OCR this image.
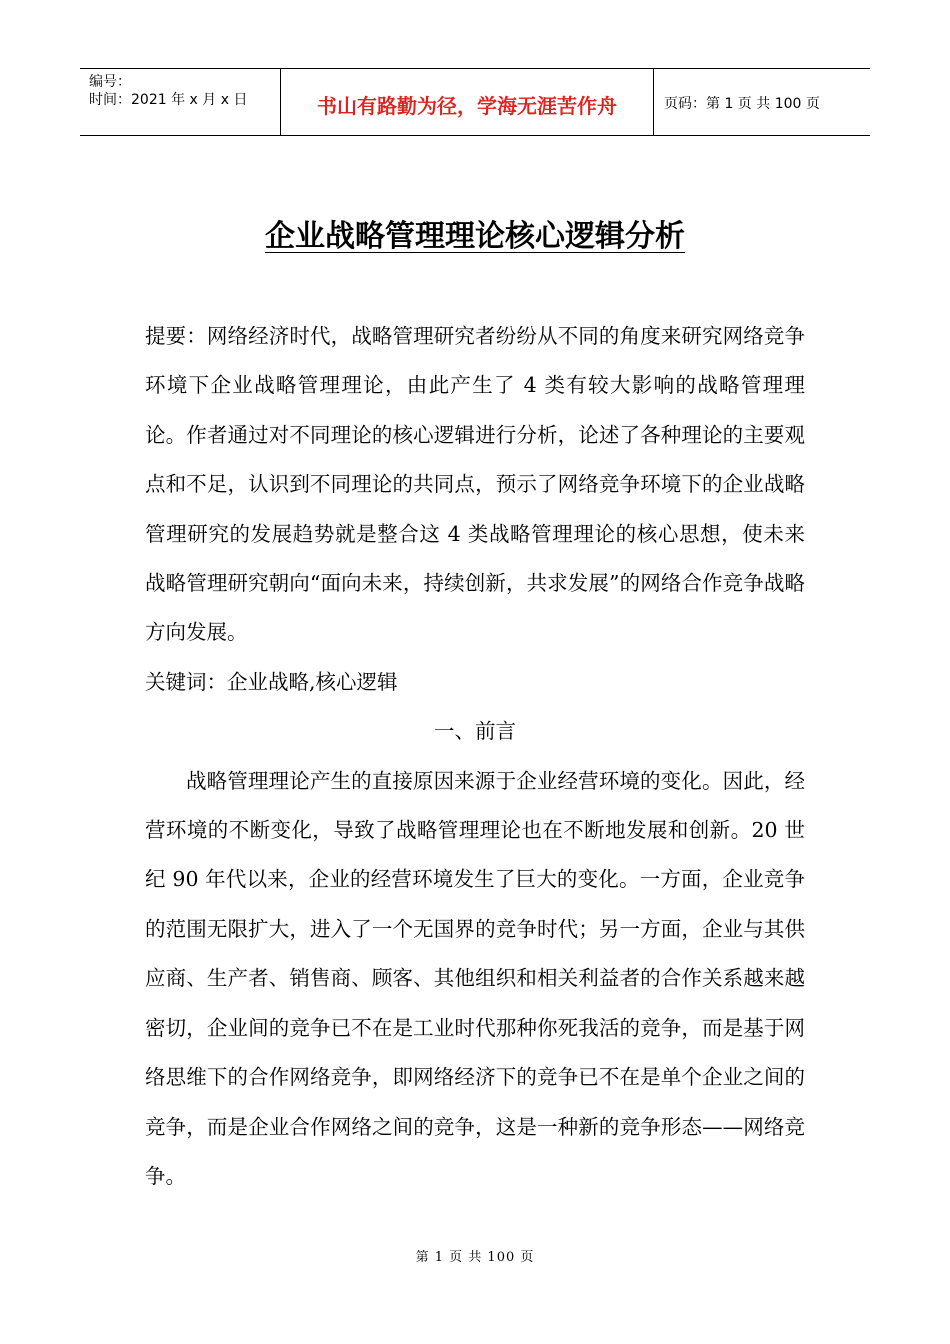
编号：
时间：2021 年 x 月 x 日	书山有路勤为径，学海无涯苦作舟	页码：第 1 页 共 100 页
企业战略管理理论核心逻辑分析

提要：网络经济时代，战略管理研究者纷纷从不同的角度来研究网络竞争环境下企业战略管理理论，由此产生了 4 类有较大影响的战略管理理论。作者通过对不同理论的核心逻辑进行分析，论述了各种理论的主要观点和不足，认识到不同理论的共同点，预示了网络竞争环境下的企业战略管理研究的发展趋势就是整合这 4 类战略管理理论的核心思想，使未来战略管理研究朝向“面向未来，持续创新，共求发展”的网络合作竞争战略方向发展。

关键词：企业战略,核心逻辑

一、前言

战略管理理论产生的直接原因来源于企业经营环境的变化。因此，经营环境的不断变化，导致了战略管理理论也在不断地发展和创新。20 世纪 90 年代以来，企业的经营环境发生了巨大的变化。一方面，企业竞争的范围无限扩大，进入了一个无国界的竞争时代；另一方面，企业与其供应商、生产者、销售商、顾客、其他组织和相关利益者的合作关系越来越密切，企业间的竞争已不在是工业时代那种你死我活的竞争，而是基于网络思维下的合作网络竞争，即网络经济下的竞争已不在是单个企业之间的竞争，而是企业合作网络之间的竞争，这是一种新的竞争形态——网络竞争。

第 1 页 共 100 页
